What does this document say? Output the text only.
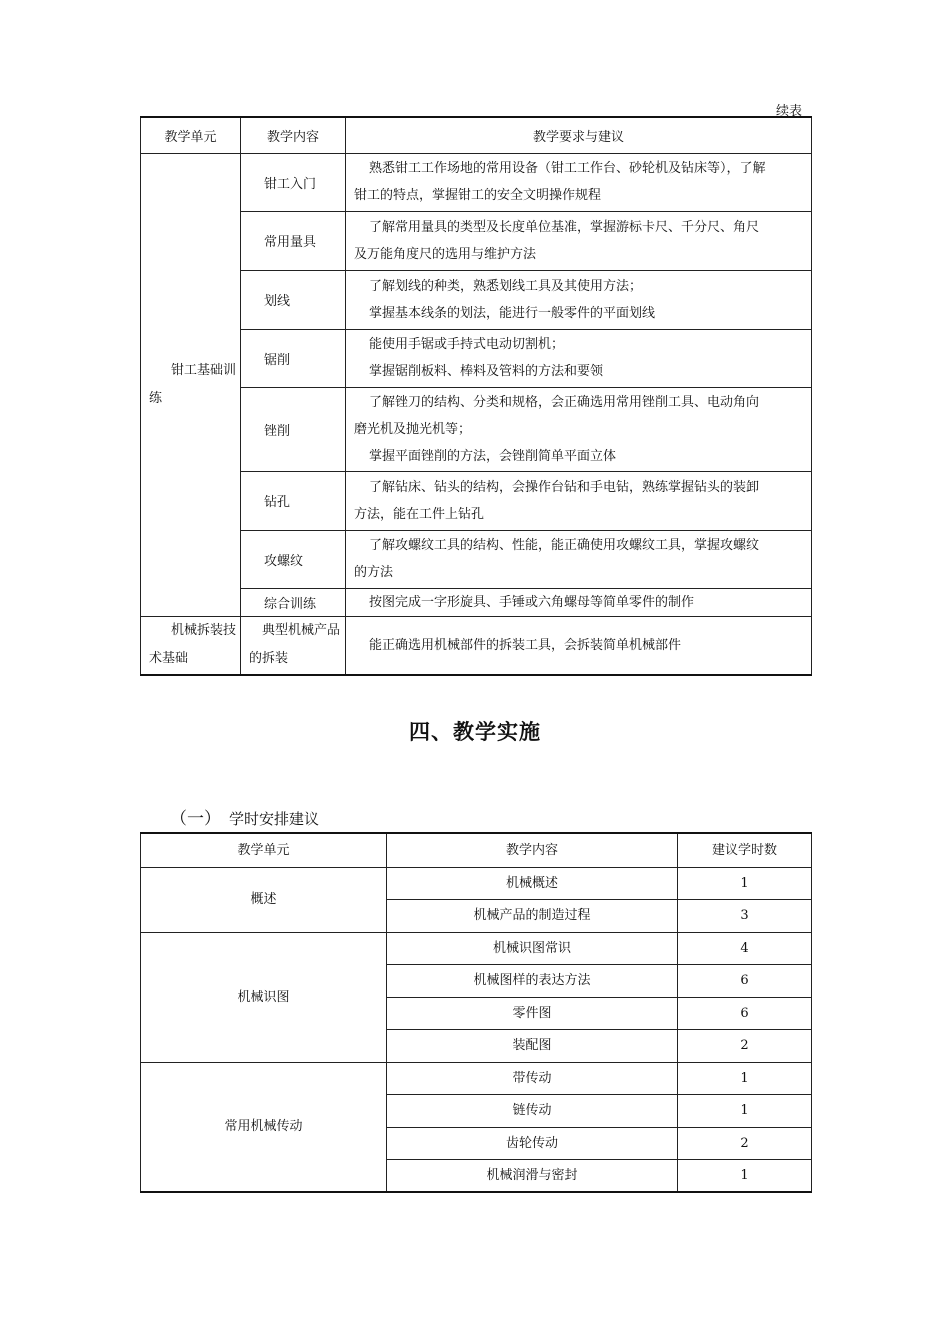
续表
教学单元	教学内容	教学要求与建议

钳工基础训练	钳工入门	熟悉钳工工作场地的常用设备（钳工工作台、砂轮机及钻床等），了解
钳工的特点，掌握钳工的安全文明操作规程

	常用量具	了解常用量具的类型及长度单位基准，掌握游标卡尺、千分尺、角尺
及万能角度尺的选用与维护方法

	划线	了解划线的种类，熟悉划线工具及其使用方法；
掌握基本线条的划法，能进行一般零件的平面划线

	锯削	能使用手锯或手持式电动切割机；
掌握锯削板料、棒料及管料的方法和要领

	锉削	了解锉刀的结构、分类和规格，会正确选用常用锉削工具、电动角向
磨光机及抛光机等；
掌握平面锉削的方法，会锉削简单平面立体

	钻孔	了解钻床、钻头的结构，会操作台钻和手电钻，熟练掌握钻头的装卸
方法，能在工件上钻孔

	攻螺纹	了解攻螺纹工具的结构、性能，能正确使用攻螺纹工具，掌握攻螺纹
的方法

	综合训练	按图完成一字形旋具、手锤或六角螺母等简单零件的制作

机械拆装技术基础	典型机械产品的拆装	能正确选用机械部件的拆装工具，会拆装简单机械部件
四、教学实施
（一） 学时安排建议
教学单元	教学内容	建议学时数
概述	机械概述	1
	机械产品的制造过程	3
机械识图	机械识图常识	4
	机械图样的表达方法	6
	零件图	6
	装配图	2
常用机械传动	带传动	1
	链传动	1
	齿轮传动	2
	机械润滑与密封	1
